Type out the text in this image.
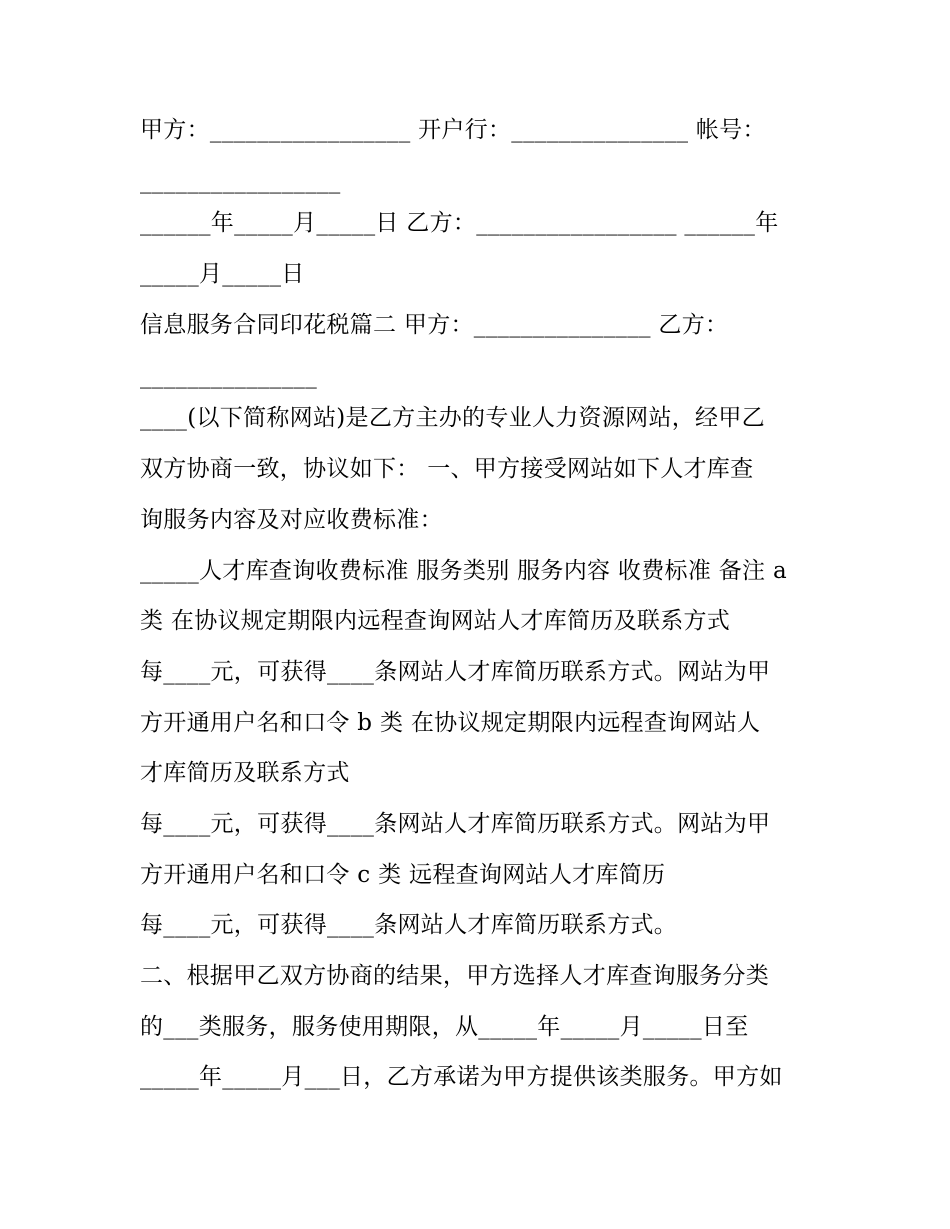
甲方：_________________ 开户行：_______________ 帐号：
_________________
______年_____月_____日 乙方：_________________ ______年
_____月_____日
信息服务合同印花税篇二 甲方：_______________ 乙方：
_______________
____(以下简称网站)是乙方主办的专业人力资源网站，经甲乙
双方协商一致，协议如下： 一、甲方接受网站如下人才库查
询服务内容及对应收费标准：
_____人才库查询收费标准 服务类别 服务内容 收费标准 备注 a
类 在协议规定期限内远程查询网站人才库简历及联系方式
每____元，可获得____条网站人才库简历联系方式。网站为甲
方开通用户名和口令 b 类 在协议规定期限内远程查询网站人
才库简历及联系方式
每____元，可获得____条网站人才库简历联系方式。网站为甲
方开通用户名和口令 c 类 远程查询网站人才库简历
每____元，可获得____条网站人才库简历联系方式。
二、根据甲乙双方协商的结果，甲方选择人才库查询服务分类
的___类服务，服务使用期限，从_____年_____月_____日至
_____年_____月___日，乙方承诺为甲方提供该类服务。甲方如
